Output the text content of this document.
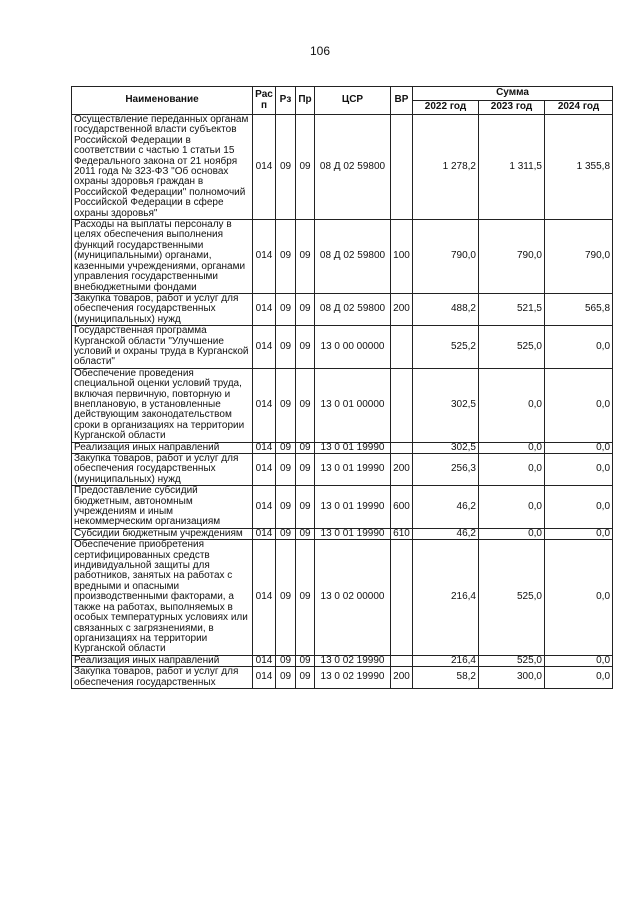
106
Наименование	Рас п	Рз	Пр	ЦСР	ВР	Сумма		
						2022 год	2023 год	2024 год
Осуществление переданных органам государственной власти субъектов Российской Федерации в соответствии с частью 1 статьи 15 Федерального закона от 21 ноября 2011 года № 323-ФЗ "Об основах охраны здоровья граждан в Российской Федерации" полномочий Российской Федерации в сфере охраны здоровья"	014	09	09	08 Д 02 59800		1 278,2	1 311,5	1 355,8
Расходы на выплаты персоналу в целях обеспечения выполнения функций государственными (муниципальными) органами, казенными учреждениями, органами управления государственными внебюджетными фондами	014	09	09	08 Д 02 59800	100	790,0	790,0	790,0
Закупка товаров, работ и услуг для обеспечения государственных (муниципальных) нужд	014	09	09	08 Д 02 59800	200	488,2	521,5	565,8
Государственная программа Курганской области "Улучшение условий и охраны труда в Курганской области"	014	09	09	13 0 00 00000		525,2	525,0	0,0
Обеспечение проведения специальной оценки условий труда, включая первичную, повторную и внеплановую, в установленные действующим законодательством сроки в организациях на территории Курганской области	014	09	09	13 0 01 00000		302,5	0,0	0,0
Реализация иных направлений	014	09	09	13 0 01 19990		302,5	0,0	0,0
Закупка товаров, работ и услуг для обеспечения государственных (муниципальных) нужд	014	09	09	13 0 01 19990	200	256,3	0,0	0,0
Предоставление субсидий бюджетным, автономным учреждениям и иным некоммерческим организациям	014	09	09	13 0 01 19990	600	46,2	0,0	0,0
Субсидии бюджетным учреждениям	014	09	09	13 0 01 19990	610	46,2	0,0	0,0
Обеспечение приобретения сертифицированных средств индивидуальной защиты для работников, занятых на работах с вредными и опасными производственными факторами, а также на работах, выполняемых в особых температурных условиях или связанных с загрязнениями, в организациях на территории Курганской области	014	09	09	13 0 02 00000		216,4	525,0	0,0
Реализация иных направлений	014	09	09	13 0 02 19990		216,4	525,0	0,0
Закупка товаров, работ и услуг для обеспечения государственных	014	09	09	13 0 02 19990	200	58,2	300,0	0,0
